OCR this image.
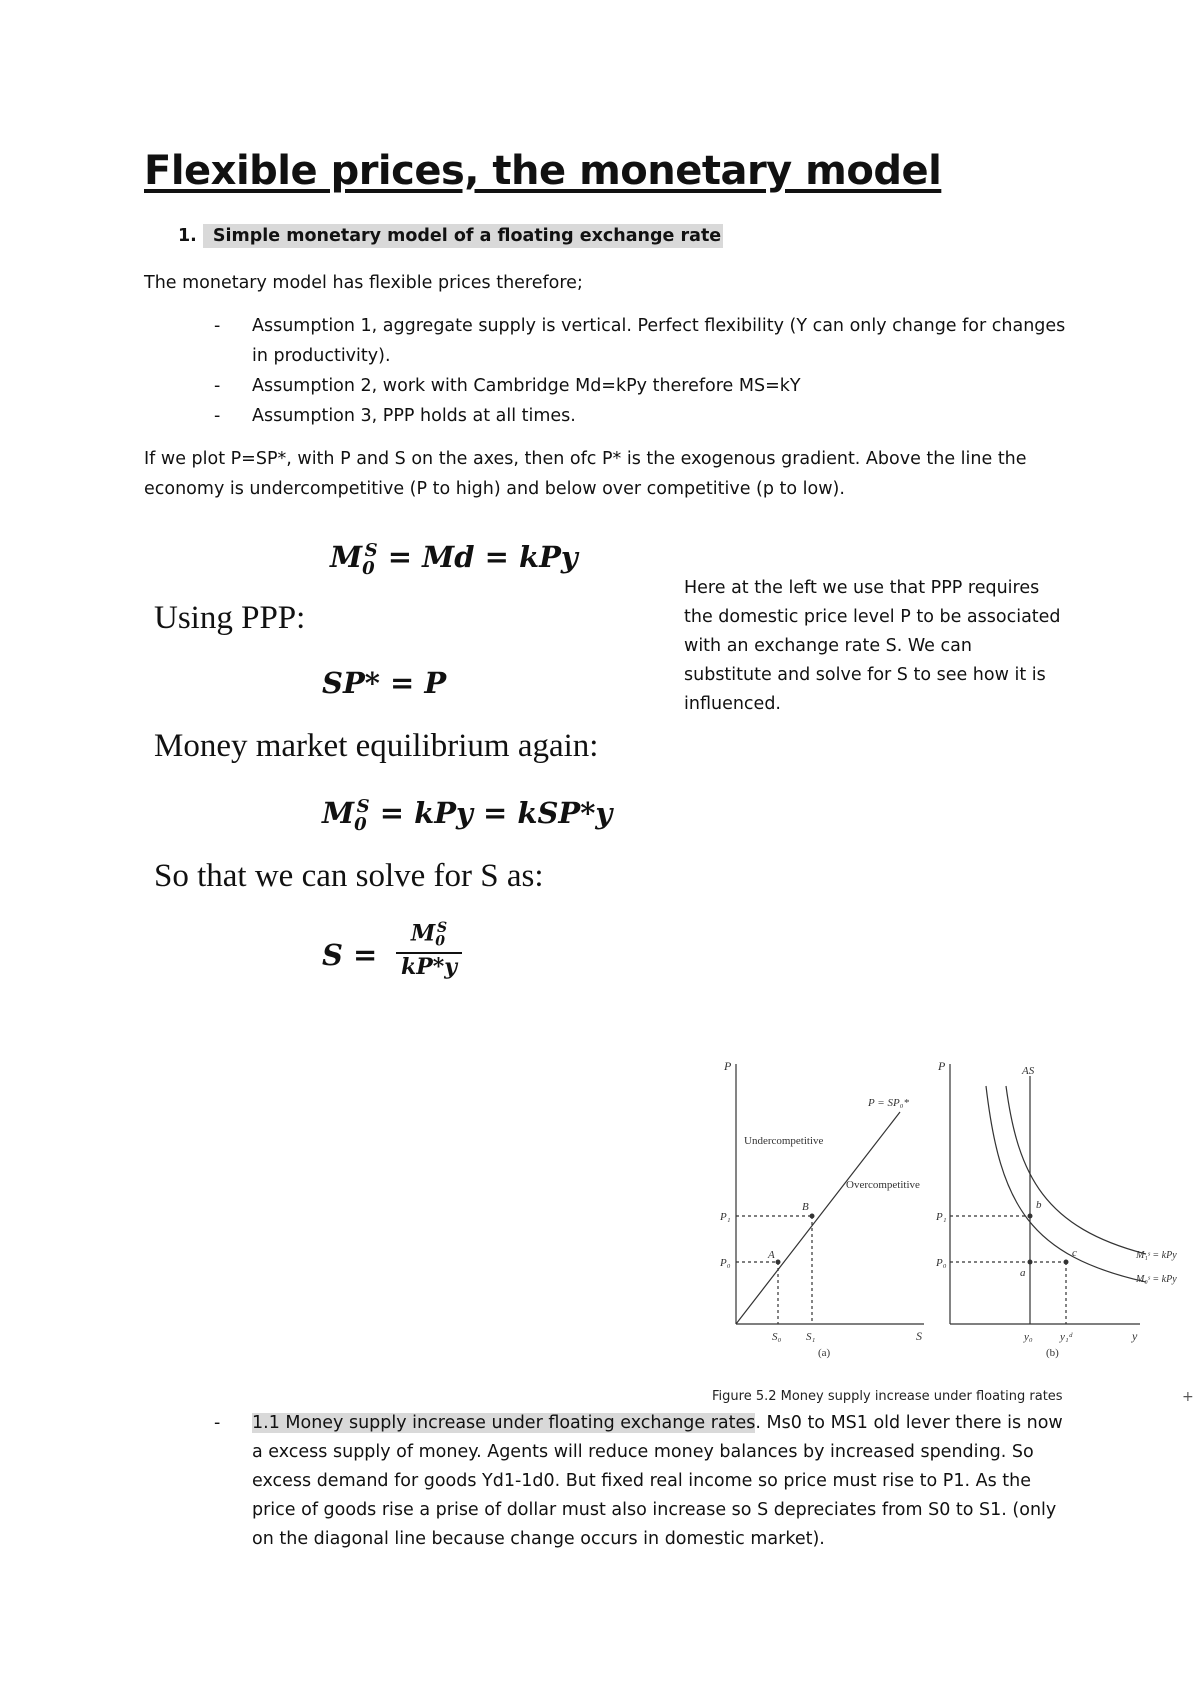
Flexible prices, the monetary model
1. Simple monetary model of a floating exchange rate
The monetary model has flexible prices therefore;
- Assumption 1, aggregate supply is vertical. Perfect flexibility (Y can only change for changes in productivity).
- Assumption 2, work with Cambridge Md=kPy therefore MS=kY
- Assumption 3, PPP holds at all times.
If we plot P=SP*, with P and S on the axes, then ofc P* is the exogenous gradient. Above the line the economy is undercompetitive (P to high) and below over competitive (p to low).
$M_0^S = Md$ = kPy
Using PPP:
SP* = P
Money market equilibrium again:
$M_0^S$ = kPy = kSP*y
So that we can solve for S as:
S =
$M_0^S$
kP*y
Here at the left we use that PPP requires the domestic price level P to be associated with an exchange rate S. We can substitute and solve for S to see how it is influenced.
P
S
P = SP₀*
Undercompetitive
Overcompetitive
A
B
P₁
P₀
S₀ S₁
(a)
P
y
AS
P₁
P₀
b
a
c	M₁ˢ = kPy
M₀ˢ = kPy
y₀ y₁ᵈ
(b)
Figure 5.2 Money supply increase under floating rates	+
- 1.1 Money supply increase under floating exchange rates. Ms0 to MS1 old lever there is now a excess supply of money. Agents will reduce money balances by increased spending. So excess demand for goods Yd1-1d0. But fixed real income so price must rise to P1. As the price of goods rise a prise of dollar must also increase so S depreciates from S0 to S1. (only on the diagonal line because change occurs in domestic market).
